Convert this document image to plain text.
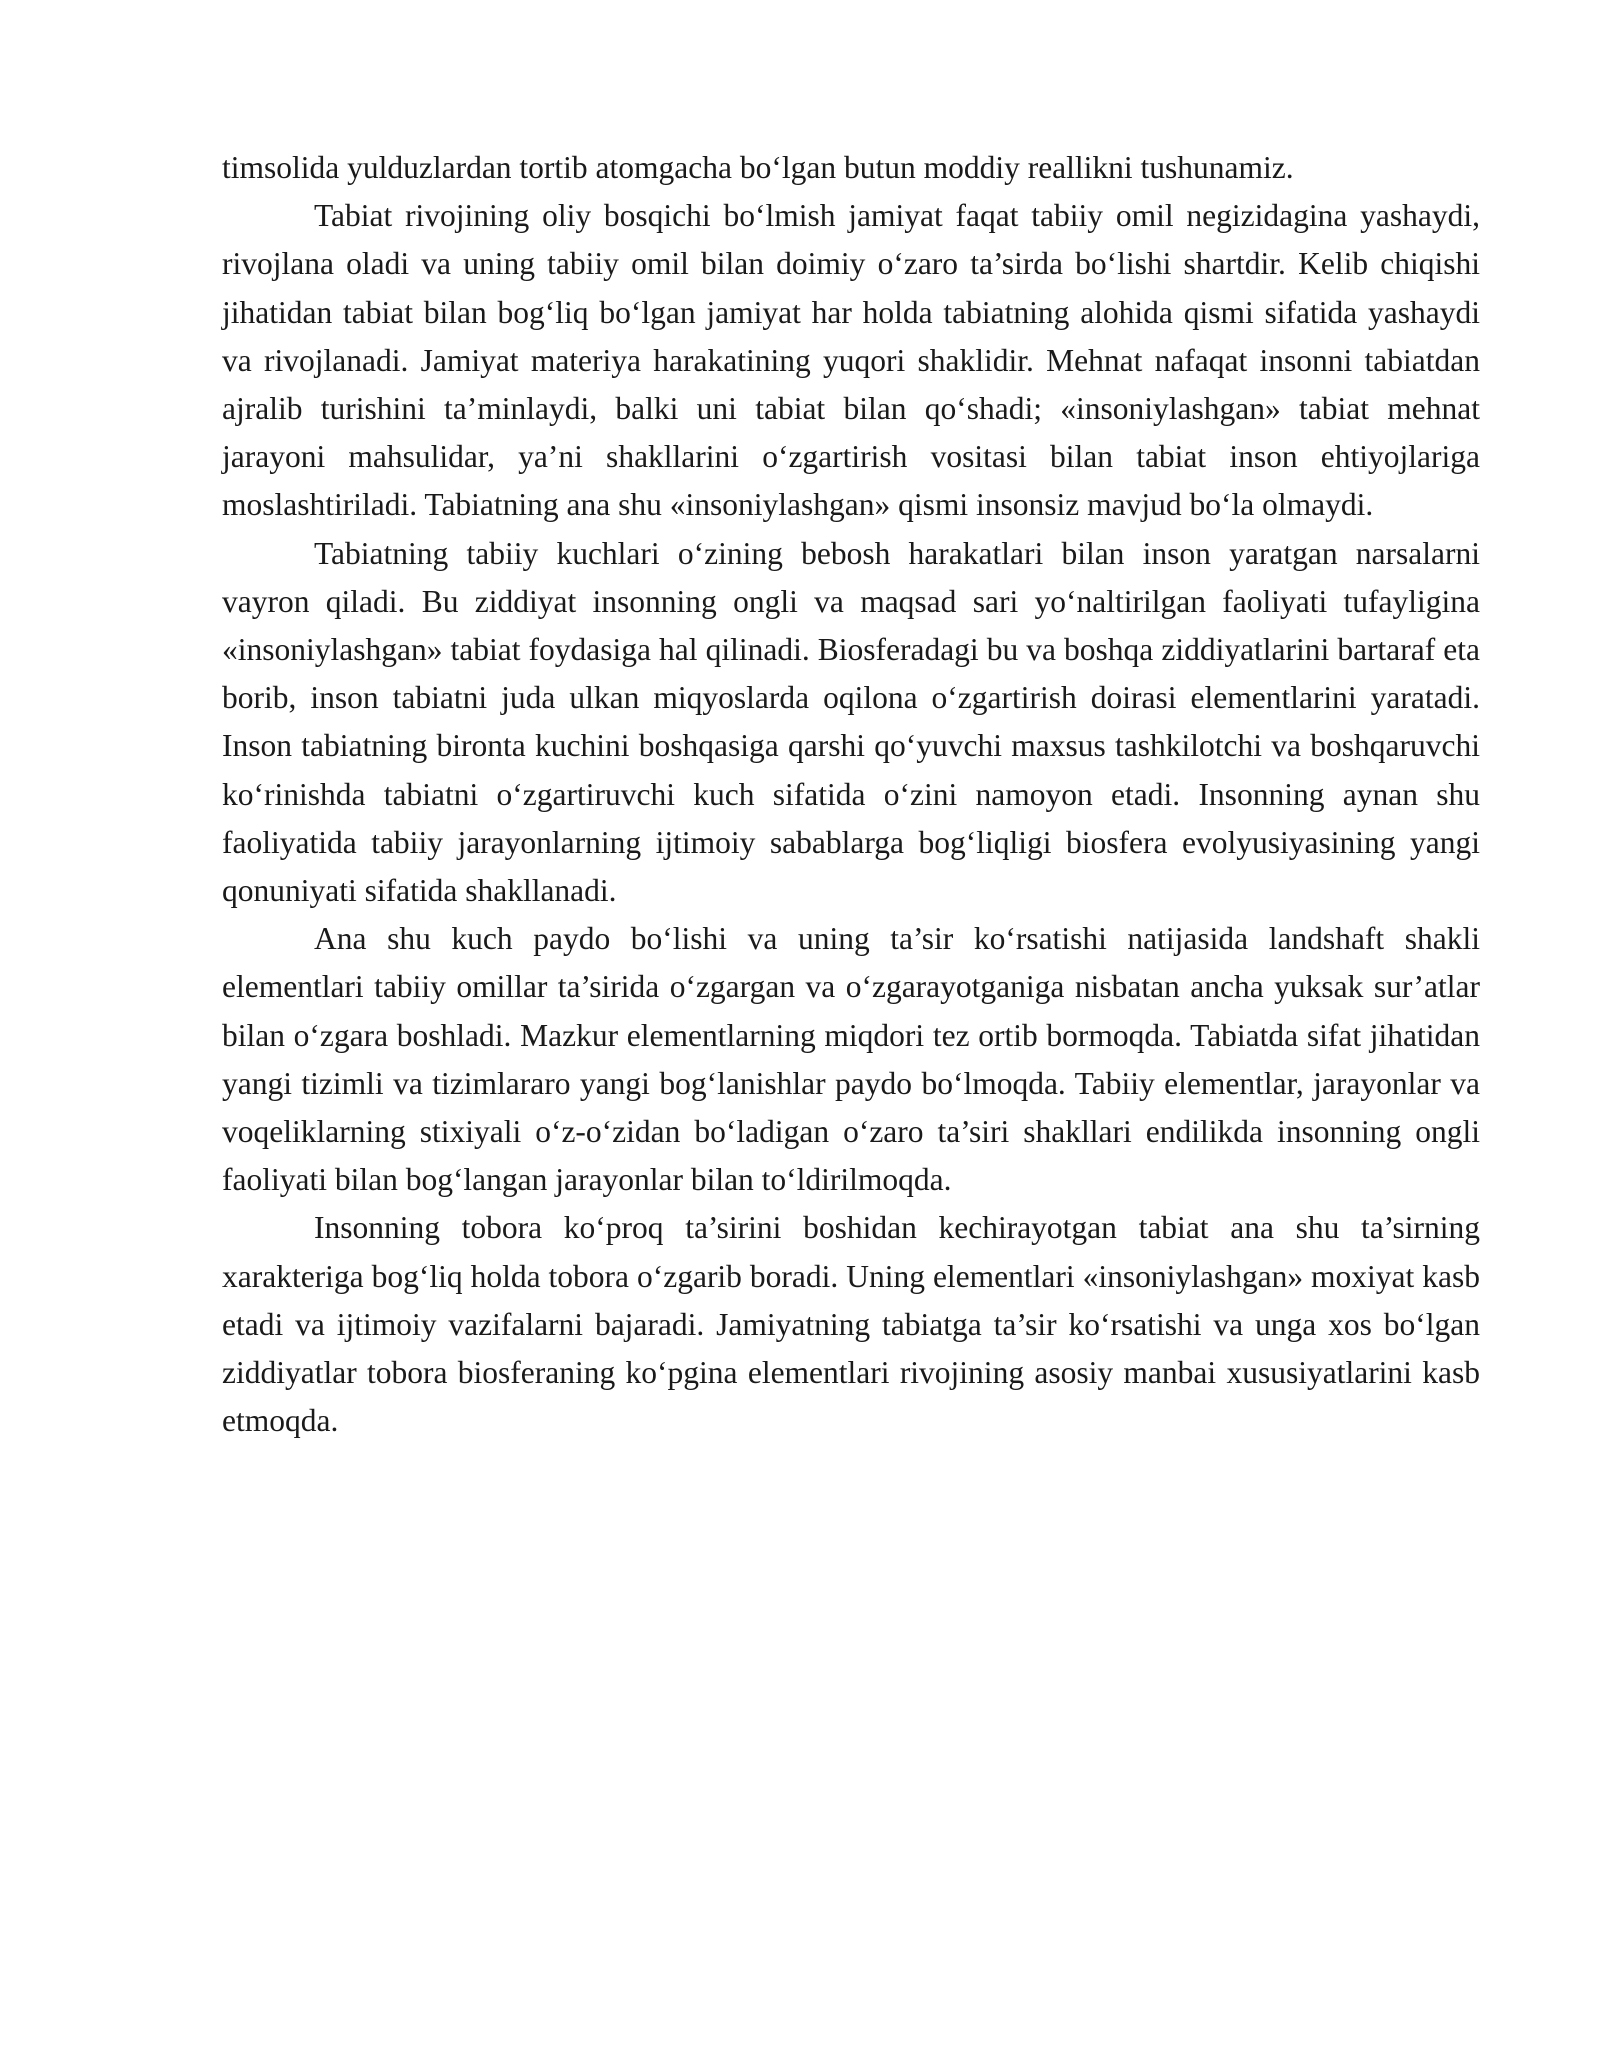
timsolida yulduzlardan tortib atomgacha bo‘lgan butun moddiy reallikni tushunamiz.

Tabiat rivojining oliy bosqichi bo‘lmish jamiyat faqat tabiiy omil negizidagina yashaydi, rivojlana oladi va uning tabiiy omil bilan doimiy o‘zaro ta’sirda bo‘lishi shartdir. Kelib chiqishi jihatidan tabiat bilan bog‘liq bo‘lgan jamiyat har holda tabiatning alohida qismi sifatida yashaydi va rivojlanadi. Jamiyat materiya harakatining yuqori shaklidir. Mehnat nafaqat insonni tabiatdan ajralib turishini ta’minlaydi, balki uni tabiat bilan qo‘shadi; «insoniylashgan» tabiat mehnat jarayoni mahsulidar, ya’ni shakllarini o‘zgartirish vositasi bilan tabiat inson ehtiyojlariga moslashtiriladi. Tabiatning ana shu «insoniylashgan» qismi insonsiz mavjud bo‘la olmaydi.

Tabiatning tabiiy kuchlari o‘zining bebosh harakatlari bilan inson yaratgan narsalarni vayron qiladi. Bu ziddiyat insonning ongli va maqsad sari yo‘naltirilgan faoliyati tufayligina «insoniylashgan» tabiat foydasiga hal qilinadi. Biosferadagi bu va boshqa ziddiyatlarini bartaraf eta borib, inson tabiatni juda ulkan miqyoslarda oqilona o‘zgartirish doirasi elementlarini yaratadi. Inson tabiatning bironta kuchini boshqasiga qarshi qo‘yuvchi maxsus tashkilotchi va boshqaruvchi ko‘rinishda tabiatni o‘zgartiruvchi kuch sifatida o‘zini namoyon etadi. Insonning aynan shu faoliyatida tabiiy jarayonlarning ijtimoiy sabablarga bog‘liqligi biosfera evolyusiyasining yangi qonuniyati sifatida shakllanadi.

Ana shu kuch paydo bo‘lishi va uning ta’sir ko‘rsatishi natijasida landshaft shakli elementlari tabiiy omillar ta’sirida o‘zgargan va o‘zgarayotganiga nisbatan ancha yuksak sur’atlar bilan o‘zgara boshladi. Mazkur elementlarning miqdori tez ortib bormoqda. Tabiatda sifat jihatidan yangi tizimli va tizimlararo yangi bog‘lanishlar paydo bo‘lmoqda. Tabiiy elementlar, jarayonlar va voqeliklarning stixiyali o‘z-o‘zidan bo‘ladigan o‘zaro ta’siri shakllari endilikda insonning ongli faoliyati bilan bog‘langan jarayonlar bilan to‘ldirilmoqda.

Insonning tobora ko‘proq ta’sirini boshidan kechirayotgan tabiat ana shu ta’sirning xarakteriga bog‘liq holda tobora o‘zgarib boradi. Uning elementlari «insoniylashgan» moxiyat kasb etadi va ijtimoiy vazifalarni bajaradi. Jamiyatning tabiatga ta’sir ko‘rsatishi va unga xos bo‘lgan ziddiyatlar tobora biosferaning ko‘pgina elementlari rivojining asosiy manbai xususiyatlarini kasb etmoqda.
